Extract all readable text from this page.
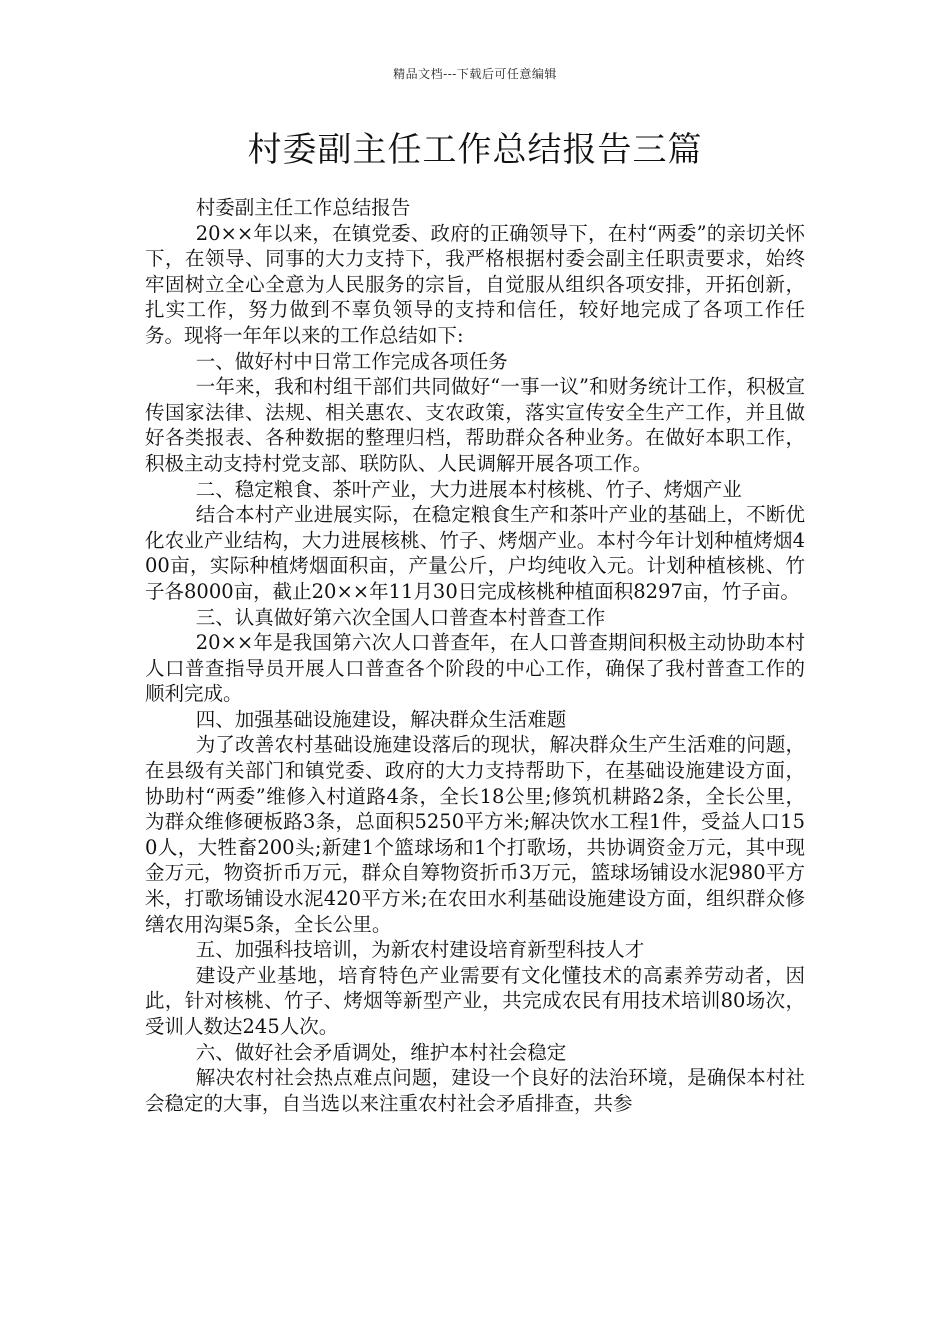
精品文档---下载后可任意编辑
村委副主任工作总结报告三篇

村委副主任工作总结报告

20××年以来，在镇党委、政府的正确领导下，在村“两委”的亲切关怀下，在领导、同事的大力支持下，我严格根据村委会副主任职责要求，始终牢固树立全心全意为人民服务的宗旨，自觉服从组织各项安排，开拓创新，扎实工作，努力做到不辜负领导的支持和信任，较好地完成了各项工作任务。现将一年年以来的工作总结如下:

一、做好村中日常工作完成各项任务

一年来，我和村组干部们共同做好“一事一议”和财务统计工作，积极宣传国家法律、法规、相关惠农、支农政策，落实宣传安全生产工作，并且做好各类报表、各种数据的整理归档，帮助群众各种业务。在做好本职工作，积极主动支持村党支部、联防队、人民调解开展各项工作。

二、稳定粮食、茶叶产业，大力进展本村核桃、竹子、烤烟产业

结合本村产业进展实际，在稳定粮食生产和茶叶产业的基础上，不断优化农业产业结构，大力进展核桃、竹子、烤烟产业。本村今年计划种植烤烟400亩，实际种植烤烟面积亩，产量公斤，户均纯收入元。计划种植核桃、竹子各8000亩，截止20××年11月30日完成核桃种植面积8297亩，竹子亩。

三、认真做好第六次全国人口普查本村普查工作

20××年是我国第六次人口普查年，在人口普查期间积极主动协助本村人口普查指导员开展人口普查各个阶段的中心工作，确保了我村普查工作的顺利完成。

四、加强基础设施建设，解决群众生活难题

为了改善农村基础设施建设落后的现状，解决群众生产生活难的问题，在县级有关部门和镇党委、政府的大力支持帮助下，在基础设施建设方面，协助村“两委”维修入村道路4条，全长18公里;修筑机耕路2条，全长公里，为群众维修硬板路3条，总面积5250平方米;解决饮水工程1件，受益人口150人，大牲畜200头;新建1个篮球场和1个打歌场，共协调资金万元，其中现金万元，物资折币万元，群众自筹物资折币3万元，篮球场铺设水泥980平方米，打歌场铺设水泥420平方米;在农田水利基础设施建设方面，组织群众修缮农用沟渠5条，全长公里。

五、加强科技培训，为新农村建设培育新型科技人才

建设产业基地，培育特色产业需要有文化懂技术的高素养劳动者，因此，针对核桃、竹子、烤烟等新型产业，共完成农民有用技术培训80场次，受训人数达245人次。

六、做好社会矛盾调处，维护本村社会稳定

解决农村社会热点难点问题，建设一个良好的法治环境，是确保本村社会稳定的大事，自当选以来注重农村社会矛盾排查，共参
